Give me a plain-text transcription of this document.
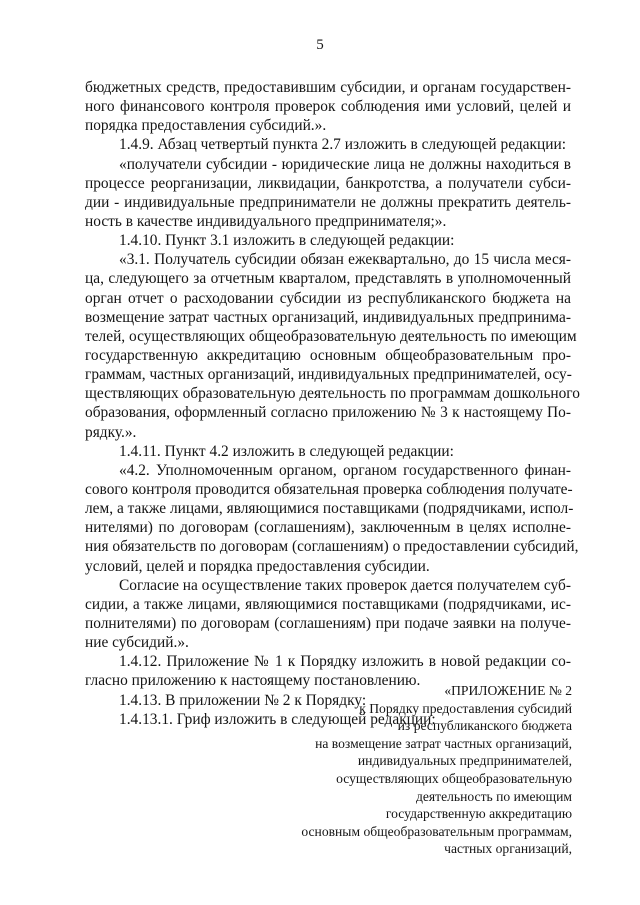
5
бюджетных средств, предоставившим субсидии, и органам государствен-
ного финансового контроля проверок соблюдения ими условий, целей и
порядка предоставления субсидий.».
1.4.9. Абзац четвертый пункта 2.7 изложить в следующей редакции:
«получатели субсидии - юридические лица не должны находиться в
процессе реорганизации, ликвидации, банкротства, а получатели субси-
дии - индивидуальные предприниматели не должны прекратить деятель-
ность в качестве индивидуального предпринимателя;».
1.4.10. Пункт 3.1 изложить в следующей редакции:
«3.1. Получатель субсидии обязан ежеквартально, до 15 числа меся-
ца, следующего за отчетным кварталом, представлять в уполномоченный
орган отчет о расходовании субсидии из республиканского бюджета на
возмещение затрат частных организаций, индивидуальных предпринима-
телей, осуществляющих общеобразовательную деятельность по имеющим
государственную аккредитацию основным общеобразовательным про-
граммам, частных организаций, индивидуальных предпринимателей, осу-
ществляющих образовательную деятельность по программам дошкольного
образования, оформленный согласно приложению № 3 к настоящему По-
рядку.».
1.4.11. Пункт 4.2 изложить в следующей редакции:
«4.2. Уполномоченным органом, органом государственного финан-
сового контроля проводится обязательная проверка соблюдения получате-
лем, а также лицами, являющимися поставщиками (подрядчиками, испол-
нителями) по договорам (соглашениям), заключенным в целях исполне-
ния обязательств по договорам (соглашениям) о предоставлении субсидий,
условий, целей и порядка предоставления субсидии.
Согласие на осуществление таких проверок дается получателем суб-
сидии, а также лицами, являющимися поставщиками (подрядчиками, ис-
полнителями) по договорам (соглашениям) при подаче заявки на получе-
ние субсидий.».
1.4.12. Приложение № 1 к Порядку изложить в новой редакции со-
гласно приложению к настоящему постановлению.
1.4.13. В приложении № 2 к Порядку:
1.4.13.1. Гриф изложить в следующей редакции:
«ПРИЛОЖЕНИЕ № 2
к Порядку предоставления субсидий
из республиканского бюджета
на возмещение затрат частных организаций,
индивидуальных предпринимателей,
осуществляющих общеобразовательную
деятельность по имеющим
государственную аккредитацию
основным общеобразовательным программам,
частных организаций,
